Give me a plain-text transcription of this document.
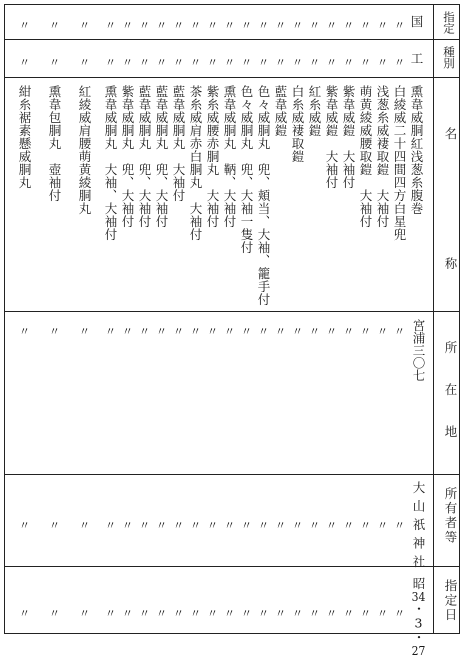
指定
種別
名
称
所
在
地
所有者等
指定日
国
工
宮浦三〇七
大山祇神社
昭34・3・27
熏韋威胴紅浅葱糸腹巻
白綾威二十四間四方白星兜
浅葱糸威褄取鎧　大袖付
萌黄綾威腰取鎧　大袖付
紫韋威鎧　大袖付
紫韋威鎧　大袖付
紅糸威鎧
白糸威褄取鎧
藍韋威鎧
色々威胴丸　兜、頬当、大袖、籠手付
色々威胴丸　兜、大袖一隻付
熏韋威胴丸　鞆、大袖付
紫糸威腰赤胴丸　大袖付
茶糸威肩赤白胴丸　大袖付
藍韋威胴丸　大袖付
藍韋威胴丸　兜、大袖付
藍韋威胴丸　兜、大袖付
紫韋威胴丸　兜、大袖付
熏韋威胴丸　大袖、大袖付
紅綾威肩腰萌黄綾胴丸
熏韋包胴丸　壺袖付
紺糸裾素懸威胴丸
〃
〃
〃
〃
〃
〃
〃
〃
〃
〃
〃
〃
〃
〃
〃
〃
〃
〃
〃
〃
〃
〃
〃
〃
〃
〃
〃
〃
〃
〃
〃
〃
〃
〃
〃
〃
〃
〃
〃
〃
〃
〃
〃
〃
〃
〃
〃
〃
〃
〃
〃
〃
〃
〃
〃
〃
〃
〃
〃
〃
〃
〃
〃
〃
〃
〃
〃
〃
〃
〃
〃
〃
〃
〃
〃
〃
〃
〃
〃
〃
〃
〃
〃
〃
〃
〃
〃
〃
〃
〃
〃
〃
〃
〃
〃
〃
〃
〃
〃
〃
〃
〃
〃
〃
〃
